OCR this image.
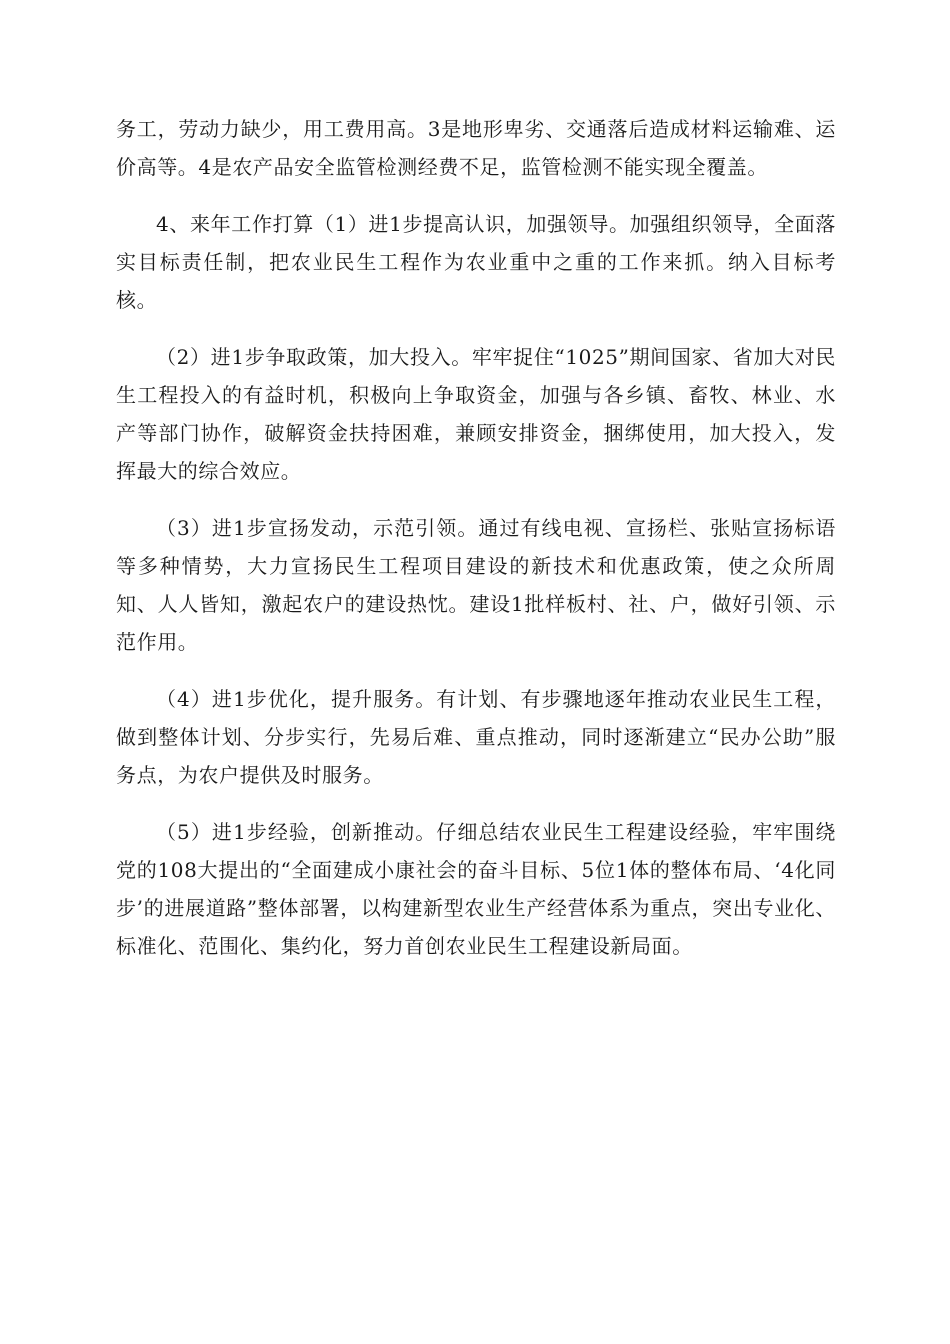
务工，劳动力缺少，用工费用高。3是地形卑劣、交通落后造成材料运输难、运价高等。4是农产品安全监管检测经费不足，监管检测不能实现全覆盖。

4、来年工作打算（1）进1步提高认识，加强领导。加强组织领导，全面落实目标责任制，把农业民生工程作为农业重中之重的工作来抓。纳入目标考核。

（2）进1步争取政策，加大投入。牢牢捉住“1025”期间国家、省加大对民生工程投入的有益时机，积极向上争取资金，加强与各乡镇、畜牧、林业、水产等部门协作，破解资金扶持困难，兼顾安排资金，捆绑使用，加大投入，发挥最大的综合效应。

（3）进1步宣扬发动，示范引领。通过有线电视、宣扬栏、张贴宣扬标语等多种情势，大力宣扬民生工程项目建设的新技术和优惠政策，使之众所周知、人人皆知，激起农户的建设热忱。建设1批样板村、社、户，做好引领、示范作用。

（4）进1步优化，提升服务。有计划、有步骤地逐年推动农业民生工程，做到整体计划、分步实行，先易后难、重点推动，同时逐渐建立“民办公助”服务点，为农户提供及时服务。

（5）进1步经验，创新推动。仔细总结农业民生工程建设经验，牢牢围绕党的108大提出的“全面建成小康社会的奋斗目标、5位1体的整体布局、‘4化同步’的进展道路”整体部署，以构建新型农业生产经营体系为重点，突出专业化、标准化、范围化、集约化，努力首创农业民生工程建设新局面。
